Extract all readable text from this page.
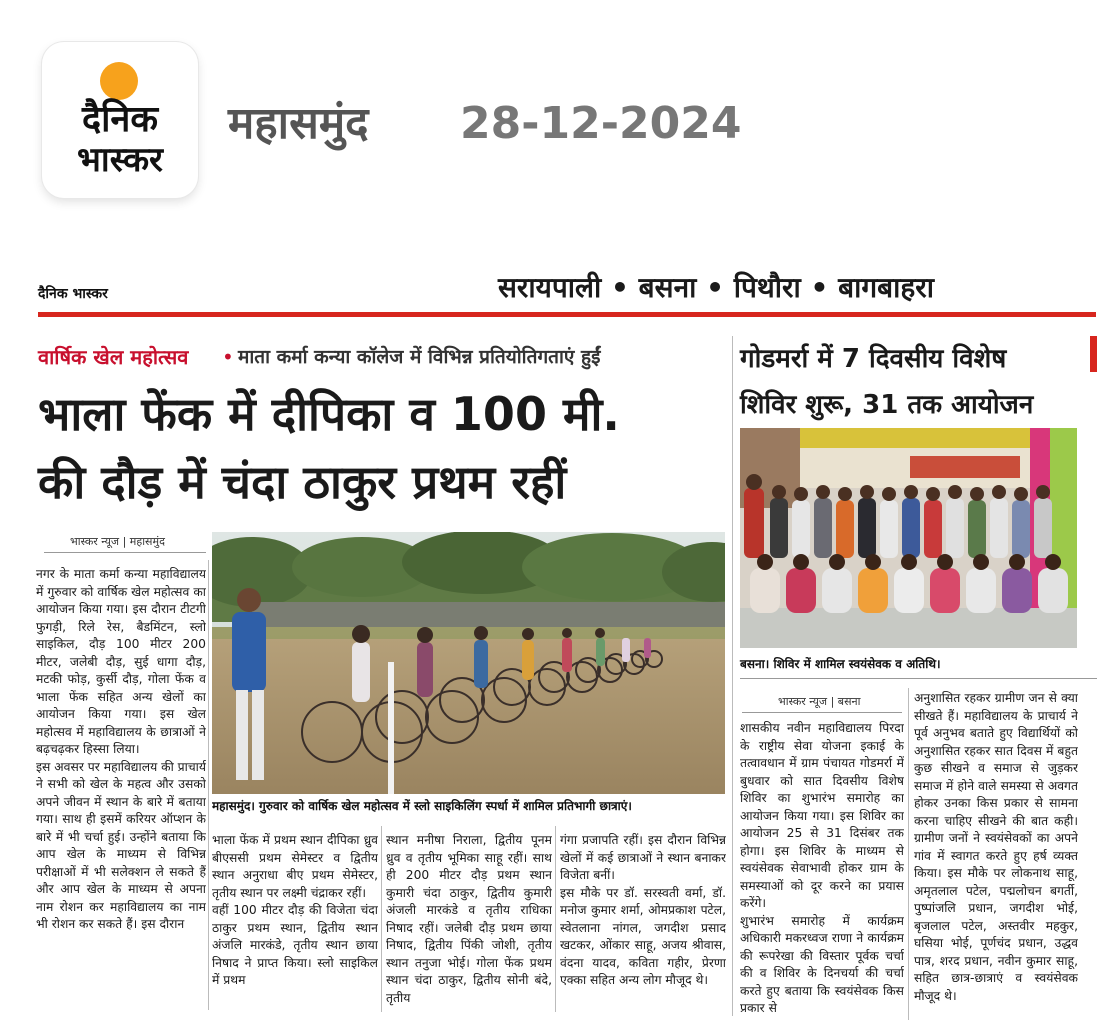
दैनिक
भास्कर
महासमुंद 28-12-2024
दैनिक भास्कर	सरायपाली • बसना • पिथौरा • बागबाहरा
वार्षिक खेल महोत्सव • माता कर्मा कन्या कॉलेज में विभिन्न प्रतियोतिगताएं हुईं
भाला फेंक में दीपिका व 100 मी.
की दौड़ में चंदा ठाकुर प्रथम रहीं
भास्कर न्यूज | महासमुंद
महासमुंद। गुरुवार को वार्षिक खेल महोत्सव में स्लो साइकिलिंग स्पर्धा में शामिल प्रतिभागी छात्राएं।
नगर के माता कर्मा कन्या महाविद्यालय में गुरुवार को वार्षिक खेल महोत्सव का आयोजन किया गया। इस दौरान टीटगी फुगड़ी, रिले रेस, बैडमिंटन, स्लो साइकिल, दौड़ 100 मीटर 200 मीटर, जलेबी दौड़, सुई धागा दौड़, मटकी फोड़, कुर्सी दौड़, गोला फेंक व भाला फेंक सहित अन्य खेलों का आयोजन किया गया। इस खेल महोत्सव में महाविद्यालय के छात्राओं ने बढ़चढ़कर हिस्सा लिया।
इस अवसर पर महाविद्यालय की प्राचार्य ने सभी को खेल के महत्व और उसको अपने जीवन में स्थान के बारे में बताया गया। साथ ही इसमें करियर ऑप्शन के बारे में भी चर्चा हुई। उन्होंने बताया कि आप खेल के माध्यम से विभिन्न परीक्षाओं में भी सलेक्शन ले सकते हैं और आप खेल के माध्यम से अपना नाम रोशन कर महाविद्यालय का नाम भी रोशन कर सकते हैं। इस दौरान
भाला फेंक में प्रथम स्थान दीपिका ध्रुव बीएससी प्रथम सेमेस्टर व द्वितीय स्थान अनुराधा बीए प्रथम सेमेस्टर, तृतीय स्थान पर लक्ष्मी चंद्राकर रहीं।
वहीं 100 मीटर दौड़ की विजेता चंदा ठाकुर प्रथम स्थान, द्वितीय स्थान अंजलि मारकंडे, तृतीय स्थान छाया निषाद ने प्राप्त किया। स्लो साइकिल में प्रथम
स्थान मनीषा निराला, द्वितीय पूनम ध्रुव व तृतीय भूमिका साहू रहीं। साथ ही 200 मीटर दौड़ प्रथम स्थान कुमारी चंदा ठाकुर, द्वितीय कुमारी अंजली मारकंडे व तृतीय राधिका निषाद रहीं। जलेबी दौड़ प्रथम छाया निषाद, द्वितीय पिंकी जोशी, तृतीय स्थान तनुजा भोई। गोला फेंक प्रथम स्थान चंदा ठाकुर, द्वितीय सोनी बंदे, तृतीय
गंगा प्रजापति रहीं। इस दौरान विभिन्न खेलों में कई छात्राओं ने स्थान बनाकर विजेता बनीं।
इस मौके पर डॉ. सरस्वती वर्मा, डॉ. मनोज कुमार शर्मा, ओमप्रकाश पटेल, स्वेतलाना नांगल, जगदीश प्रसाद खटकर, ओंकार साहू, अजय श्रीवास, वंदना यादव, कविता गहीर, प्रेरणा एक्का सहित अन्य लोग मौजूद थे।
गोडमर्रा में 7 दिवसीय विशेष
शिविर शुरू, 31 तक आयोजन
बसना। शिविर में शामिल स्वयंसेवक व अतिथि।
भास्कर न्यूज | बसना
शासकीय नवीन महाविद्यालय पिरदा के राष्ट्रीय सेवा योजना इकाई के तत्वावधान में ग्राम पंचायत गोडमर्रा में बुधवार को सात दिवसीय विशेष शिविर का शुभारंभ समारोह का आयोजन किया गया। इस शिविर का आयोजन 25 से 31 दिसंबर तक होगा। इस शिविर के माध्यम से स्वयंसेवक सेवाभावी होकर ग्राम के समस्याओं को दूर करने का प्रयास करेंगे।
शुभारंभ समारोह में कार्यक्रम अधिकारी मकरध्वज राणा ने कार्यक्रम की रूपरेखा की विस्तार पूर्वक चर्चा की व शिविर के दिनचर्या की चर्चा करते हुए बताया कि स्वयंसेवक किस प्रकार से
अनुशासित रहकर ग्रामीण जन से क्या सीखते हैं। महाविद्यालय के प्राचार्य ने पूर्व अनुभव बताते हुए विद्यार्थियों को अनुशासित रहकर सात दिवस में बहुत कुछ सीखने व समाज से जुड़कर समाज में होने वाले समस्या से अवगत होकर उनका किस प्रकार से सामना करना चाहिए सीखने की बात कही। ग्रामीण जनों ने स्वयंसेवकों का अपने गांव में स्वागत करते हुए हर्ष व्यक्त किया। इस मौके पर लोकनाथ साहू, अमृतलाल पटेल, पद्मलोचन बगर्ती, पुष्पांजलि प्रधान, जगदीश भोई, बृजलाल पटेल, अस्तवीर महकुर, घसिया भोई, पूर्णचंद प्रधान, उद्धव पात्र, शरद प्रधान, नवीन कुमार साहू, सहित छात्र-छात्राएं व स्वयंसेवक मौजूद थे।
